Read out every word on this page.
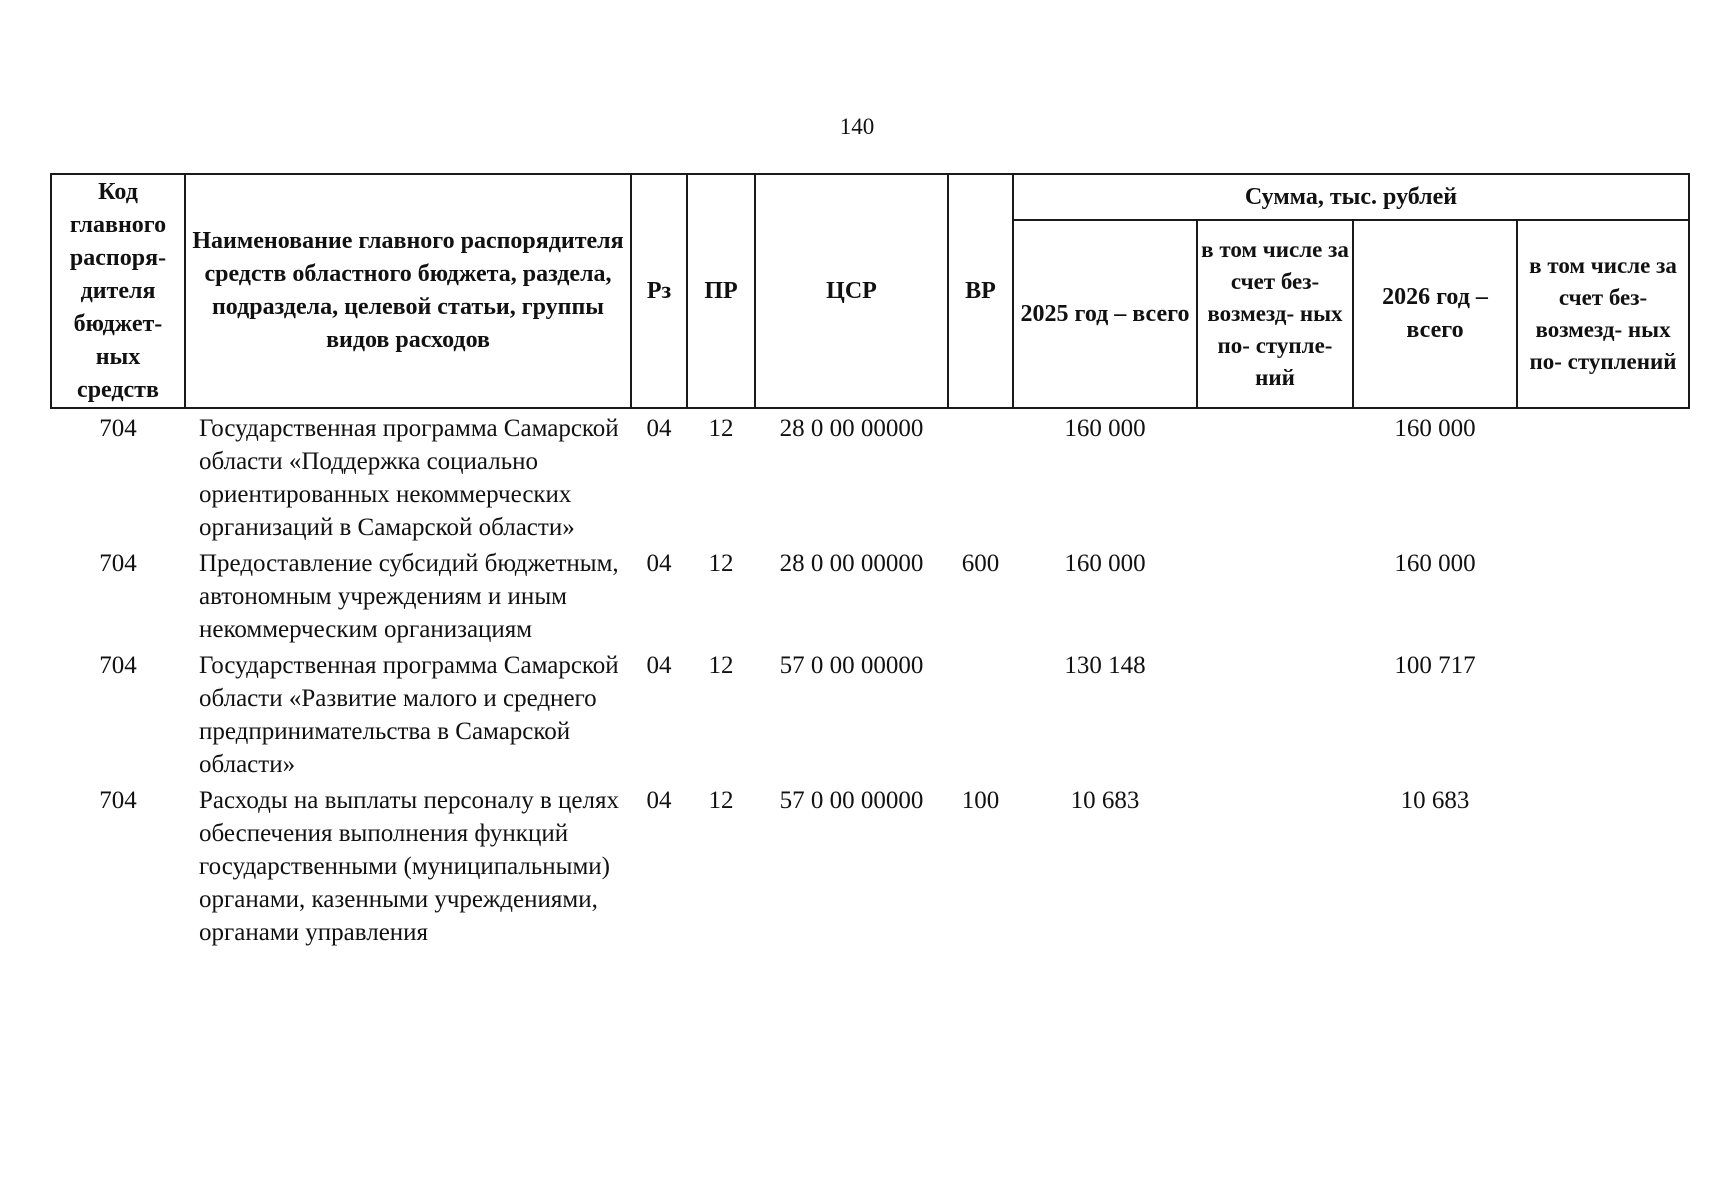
140
Код главного распоря- дителя бюджет- ных средств	Наименование главного распорядителя средств областного бюджета, раздела, подраздела, целевой статьи, группы видов расходов	Рз	ПР	ЦСР	ВР	Сумма, тыс. рублей			
						2025 год – всего	в том числе за счет без- возмезд- ных по- ступле- ний	2026 год – всего	в том числе за счет без- возмезд- ных по- ступлений
704	Государственная программа Самарской области «Поддержка социально ориентированных некоммерческих организаций в Самарской области»	04	12	28 0 00 00000		160 000		160 000	
704	Предоставление субсидий бюджетным, автономным учреждениям и иным некоммерческим организациям	04	12	28 0 00 00000	600	160 000		160 000	
704	Государственная программа Самарской области «Развитие малого и среднего предпринимательства в Самарской области»	04	12	57 0 00 00000		130 148		100 717	
704	Расходы на выплаты персоналу в целях обеспечения выполнения функций государственными (муниципальными) органами, казенными учреждениями, органами управления	04	12	57 0 00 00000	100	10 683		10 683	
